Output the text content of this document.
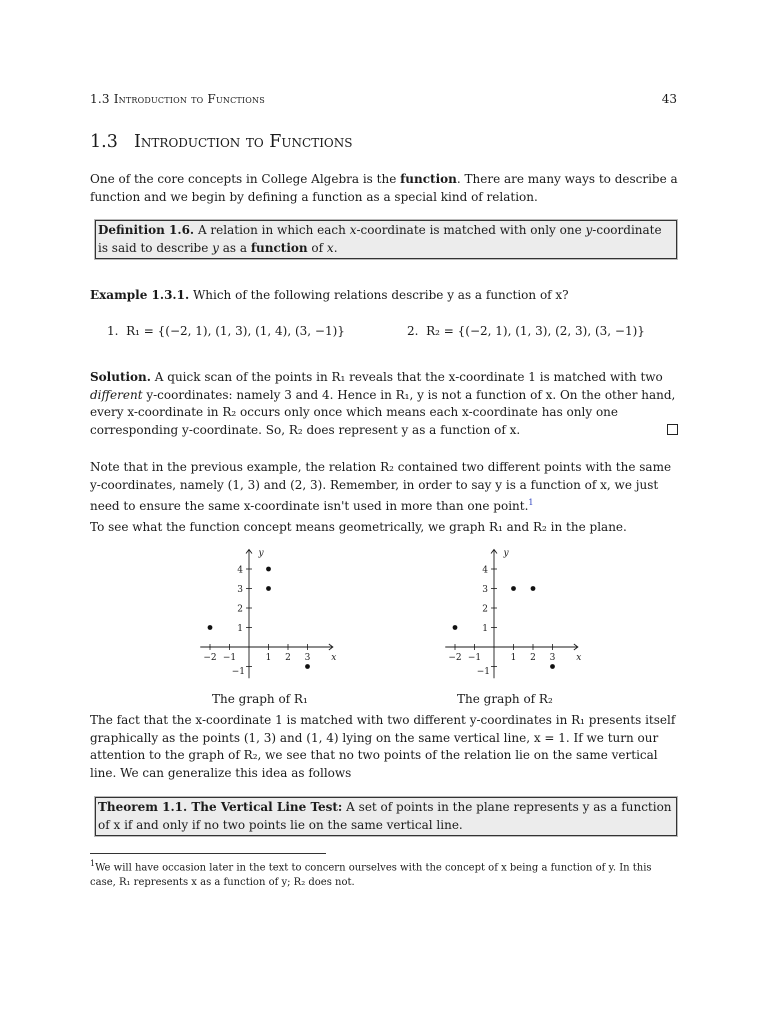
1.3 Introduction to Functions	43
1.3 Introduction to Functions
One of the core concepts in College Algebra is the function. There are many ways to describe a function and we begin by defining a function as a special kind of relation.
Definition 1.6. A relation in which each x-coordinate is matched with only one y-coordinate is said to describe y as a function of x.
Example 1.3.1. Which of the following relations describe y as a function of x?
1. R₁ = {(−2, 1), (1, 3), (1, 4), (3, −1)}	2. R₂ = {(−2, 1), (1, 3), (2, 3), (3, −1)}
Solution. A quick scan of the points in R₁ reveals that the x-coordinate 1 is matched with two different y-coordinates: namely 3 and 4. Hence in R₁, y is not a function of x. On the other hand, every x-coordinate in R₂ occurs only once which means each x-coordinate has only one corresponding y-coordinate. So, R₂ does represent y as a function of x.
Note that in the previous example, the relation R₂ contained two different points with the same y-coordinates, namely (1, 3) and (2, 3). Remember, in order to say y is a function of x, we just need to ensure the same x-coordinate isn't used in more than one point.$^1$
To see what the function concept means geometrically, we graph R₁ and R₂ in the plane.
−2 −1	1 2 3
4
3
2
1
−1
x
y
−2 −1	1 2 3
4
3
2
1
−1
x
y
The graph of R₁	The graph of R₂
The fact that the x-coordinate 1 is matched with two different y-coordinates in R₁ presents itself graphically as the points (1, 3) and (1, 4) lying on the same vertical line, x = 1. If we turn our attention to the graph of R₂, we see that no two points of the relation lie on the same vertical line. We can generalize this idea as follows
Theorem 1.1. The Vertical Line Test: A set of points in the plane represents y as a function of x if and only if no two points lie on the same vertical line.
$^1$We will have occasion later in the text to concern ourselves with the concept of x being a function of y. In this case, R₁ represents x as a function of y; R₂ does not.
